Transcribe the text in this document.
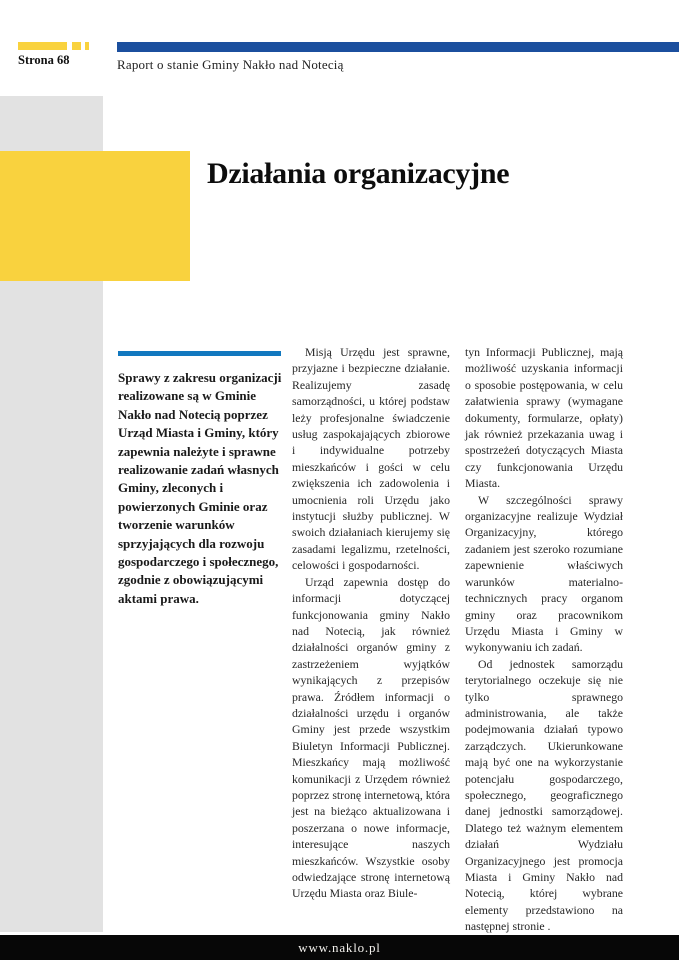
Strona 68	Raport o stanie Gminy Nakło nad Notecią
Działania organizacyjne

Sprawy z zakresu organizacji realizowane są w Gminie Nakło nad Notecią poprzez Urząd Miasta i Gminy, który zapewnia należyte i sprawne realizowanie zadań własnych Gminy, zleconych i powierzonych Gminie oraz tworzenie warunków sprzyjających dla rozwoju gospodarczego i społecznego, zgodnie z obowiązującymi aktami prawa.

Misją Urzędu jest sprawne, przyjazne i bezpieczne działanie. Realizujemy zasadę samorządności, u której podstaw leży profesjonalne świadczenie usług zaspokajających zbiorowe i indywidualne potrzeby mieszkańców i gości w celu zwiększenia ich zadowolenia i umocnienia roli Urzędu jako instytucji służby publicznej. W swoich działaniach kierujemy się zasadami legalizmu, rzetelności, celowości i gospodarności.

Urząd zapewnia dostęp do informacji dotyczącej funkcjonowania gminy Nakło nad Notecią, jak również działalności organów gminy z zastrzeżeniem wyjątków wynikających z przepisów prawa. Źródłem informacji o działalności urzędu i organów Gminy jest przede wszystkim Biuletyn Informacji Publicznej. Mieszkańcy mają możliwość komunikacji z Urzędem również poprzez stronę internetową, która jest na bieżąco aktualizowana i poszerzana o nowe informacje, interesujące naszych mieszkańców. Wszystkie osoby odwiedzające stronę internetową Urzędu Miasta oraz Biule-

tyn Informacji Publicznej, mają możliwość uzyskania informacji o sposobie postępowania, w celu załatwienia sprawy (wymagane dokumenty, formularze, opłaty) jak również przekazania uwag i spostrzeżeń dotyczących Miasta czy funkcjonowania Urzędu Miasta.

W szczególności sprawy organizacyjne realizuje Wydział Organizacyjny, którego zadaniem jest szeroko rozumiane zapewnienie właściwych warunków materialno-technicznych pracy organom gminy oraz pracownikom Urzędu Miasta i Gminy w wykonywaniu ich zadań.

Od jednostek samorządu terytorialnego oczekuje się nie tylko sprawnego administrowania, ale także podejmowania działań typowo zarządczych. Ukierunkowane mają być one na wykorzystanie potencjału gospodarczego, społecznego, geograficznego danej jednostki samorządowej. Dlatego też ważnym elementem działań Wydziału Organizacyjnego jest promocja Miasta i Gminy Nakło nad Notecią, której wybrane elementy przedstawiono na następnej stronie .

www.naklo.pl
